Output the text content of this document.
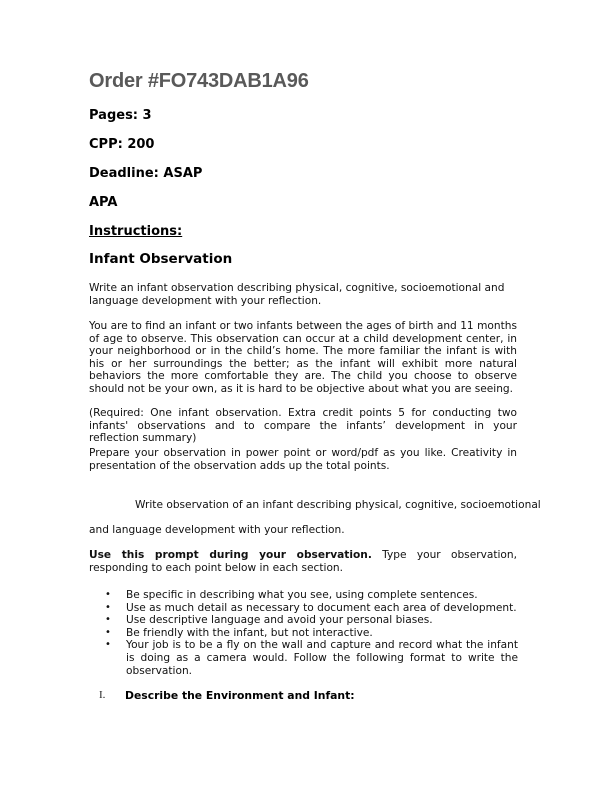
Order #FO743DAB1A96
Pages: 3
CPP: 200
Deadline: ASAP
APA
Instructions:
Infant Observation

Write an infant observation describing physical, cognitive, socioemotional and language development with your reflection.

You are to find an infant or two infants between the ages of birth and 11 months of age to observe. This observation can occur at a child development center, in your neighborhood or in the child’s home. The more familiar the infant is with his or her surroundings the better; as the infant will exhibit more natural behaviors the more comfortable they are. The child you choose to observe should not be your own, as it is hard to be objective about what you are seeing.

(Required: One infant observation. Extra credit points 5 for conducting two infants' observations and to compare the infants’ development in your reflection summary)

Prepare your observation in power point or word/pdf as you like. Creativity in presentation of the observation adds up the total points.

Write observation of an infant describing physical, cognitive, socioemotional

and language development with your reflection.

Use this prompt during your observation. Type your observation, responding to each point below in each section.

• Be specific in describing what you see, using complete sentences.
• Use as much detail as necessary to document each area of development.
• Use descriptive language and avoid your personal biases.
• Be friendly with the infant, but not interactive.
• Your job is to be a fly on the wall and capture and record what the infant is doing as a camera would. Follow the following format to write the observation.
I. Describe the Environment and Infant:
